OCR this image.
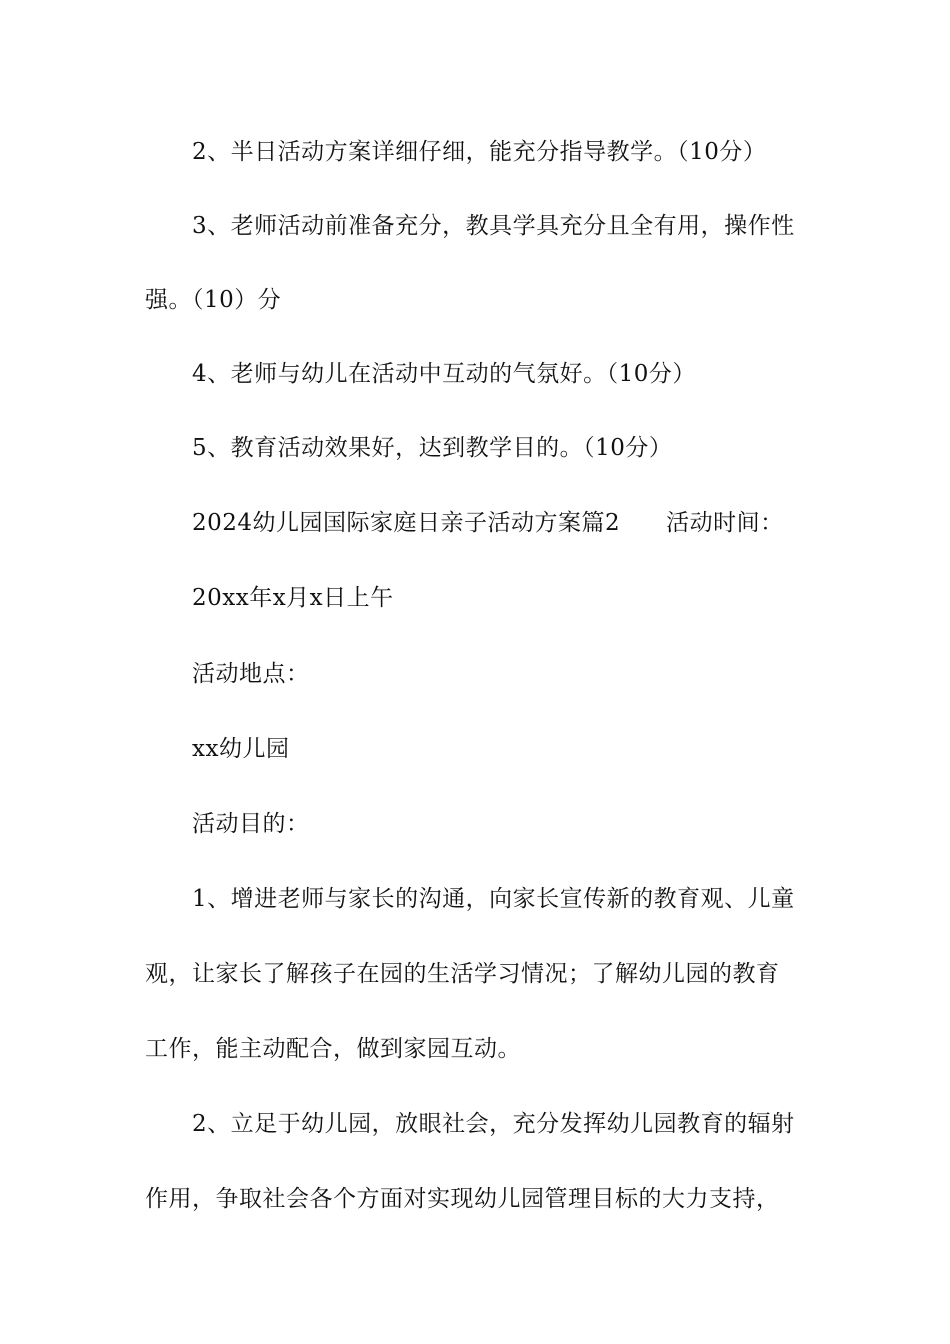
2、半日活动方案详细仔细，能充分指导教学。（10分）
3、老师活动前准备充分，教具学具充分且全有用，操作性
强。（10）分
4、老师与幼儿在活动中互动的气氛好。（10分）
5、教育活动效果好，达到教学目的。（10分）
2024幼儿园国际家庭日亲子活动方案篇2 活动时间：
20xx年x月x日上午
活动地点：
xx幼儿园
活动目的：
1、增进老师与家长的沟通，向家长宣传新的教育观、儿童
观，让家长了解孩子在园的生活学习情况；了解幼儿园的教育
工作，能主动配合，做到家园互动。
2、立足于幼儿园，放眼社会，充分发挥幼儿园教育的辐射
作用，争取社会各个方面对实现幼儿园管理目标的大力支持，
